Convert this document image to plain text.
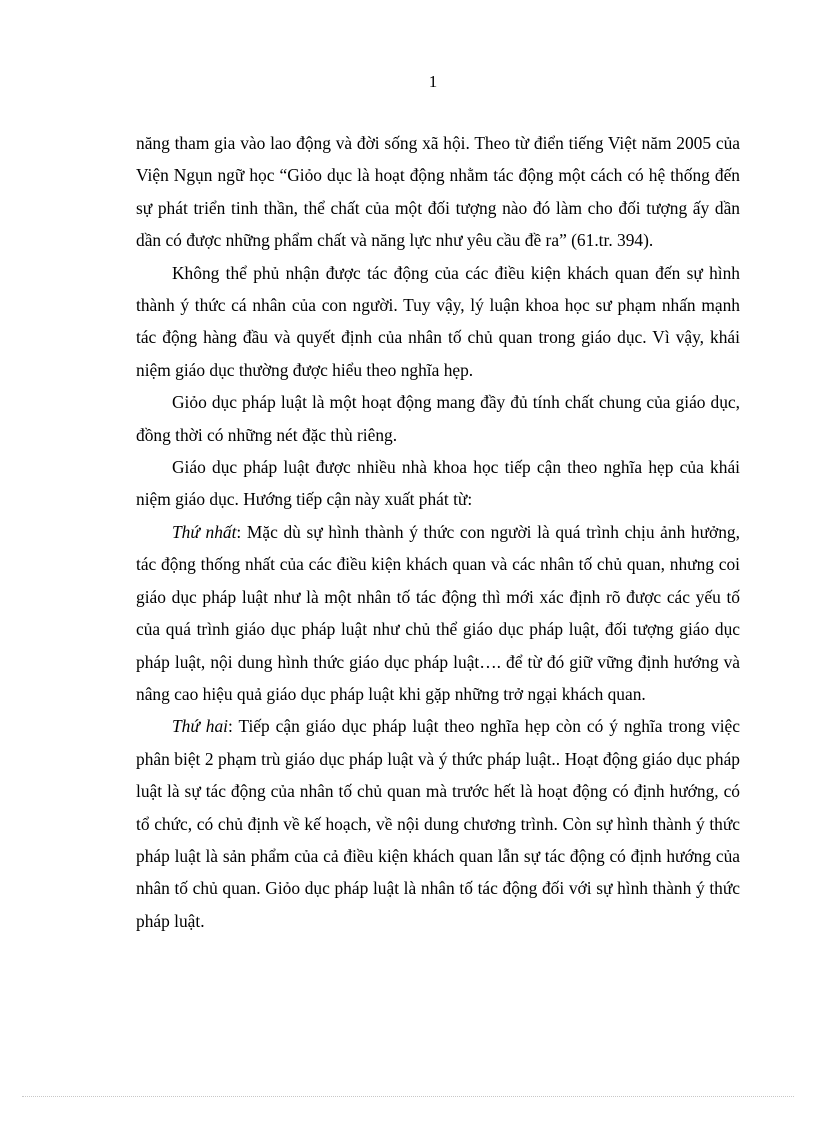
1

năng tham gia vào lao động và đời sống xã hội. Theo từ điển tiếng Việt năm 2005 của Viện Ngụn ngữ học “Giỏo dục là hoạt động nhằm tác động một cách có hệ thống đến sự phát triển tinh thần, thể chất của một đối tượng nào đó làm cho đối tượng ấy dần dần có được những phẩm chất và năng lực như yêu cầu đề ra” (61.tr. 394).

Không thể phủ nhận được tác động của các điều kiện khách quan đến sự hình thành ý thức cá nhân của con người. Tuy vậy, lý luận khoa học sư phạm nhấn mạnh tác động hàng đầu và quyết định của nhân tố chủ quan trong giáo dục. Vì vậy, khái niệm giáo dục thường được hiểu theo nghĩa hẹp.

Giỏo dục pháp luật là một hoạt động mang đầy đủ tính chất chung của giáo dục, đồng thời có những nét đặc thù riêng.

Giáo dục pháp luật được nhiều nhà khoa học tiếp cận theo nghĩa hẹp của khái niệm giáo dục. Hướng tiếp cận này xuất phát từ:

Thứ nhất: Mặc dù sự hình thành ý thức con người là quá trình chịu ảnh hưởng, tác động thống nhất của các điều kiện khách quan và các nhân tố chủ quan, nhưng coi giáo dục pháp luật như là một nhân tố tác động thì mới xác định rõ được các yếu tố của quá trình giáo dục pháp luật như chủ thể giáo dục pháp luật, đối tượng giáo dục pháp luật, nội dung hình thức giáo dục pháp luật…. để từ đó giữ vững định hướng và nâng cao hiệu quả giáo dục pháp luật khi gặp những trở ngại khách quan.

Thứ hai: Tiếp cận giáo dục pháp luật theo nghĩa hẹp còn có ý nghĩa trong việc phân biệt 2 phạm trù giáo dục pháp luật và ý thức pháp luật.. Hoạt động giáo dục pháp luật là sự tác động của nhân tố chủ quan mà trước hết là hoạt động có định hướng, có tổ chức, có chủ định về kế hoạch, về nội dung chương trình. Còn sự hình thành ý thức pháp luật là sản phẩm của cả điều kiện khách quan lẫn sự tác động có định hướng của nhân tố chủ quan. Giỏo dục pháp luật là nhân tố tác động đối với sự hình thành ý thức pháp luật.
